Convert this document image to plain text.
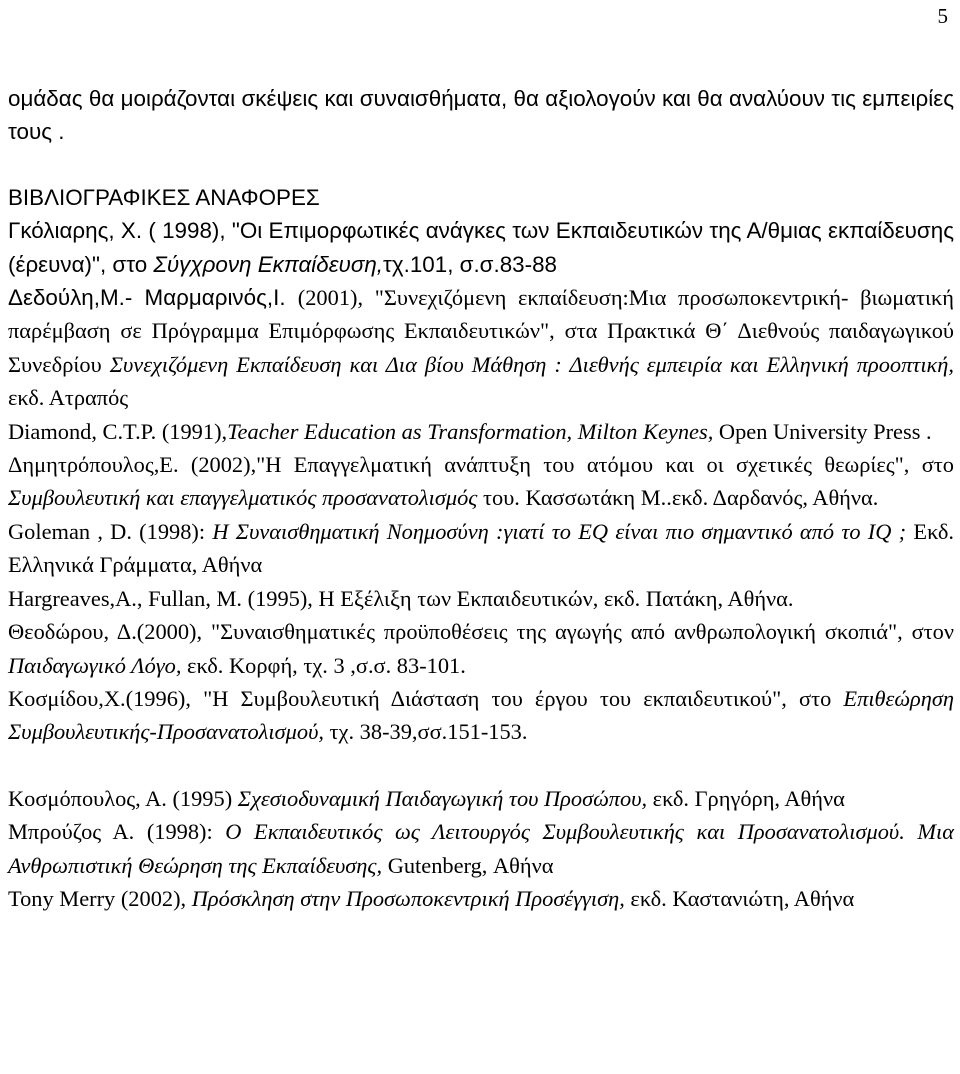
5

ομάδας θα μοιράζονται σκέψεις και συναισθήματα, θα αξιολογούν και θα αναλύουν τις εμπειρίες τους .

ΒΙΒΛΙΟΓΡΑΦΙΚΕΣ ΑΝΑΦΟΡΕΣ

Γκόλιαρης, Χ. ( 1998), "Οι Επιμορφωτικές ανάγκες των Εκπαιδευτικών της Α/θμιας εκπαίδευσης (έρευνα)", στο Σύγχρονη Εκπαίδευση,τχ.101, σ.σ.83-88

Δεδούλη,Μ.- Μαρμαρινός,Ι. (2001), "Συνεχιζόμενη εκπαίδευση:Μια προσωποκεντρική- βιωματική παρέμβαση σε Πρόγραμμα Επιμόρφωσης Εκπαιδευτικών", στα Πρακτικά Θ΄ Διεθνούς παιδαγωγικού Συνεδρίου Συνεχιζόμενη Εκπαίδευση και Δια βίου Μάθηση : Διεθνής εμπειρία και Ελληνική προοπτική, εκδ. Ατραπός

Diamond, C.T.P. (1991),Teacher Education as Transformation, Milton Keynes, Open University Press .

Δημητρόπουλος,Ε. (2002),"Η Επαγγελματική ανάπτυξη του ατόμου και οι σχετικές θεωρίες", στο Συμβουλευτική και επαγγελματικός προσανατολισμός του. Κασσωτάκη Μ..εκδ. Δαρδανός, Αθήνα.

Goleman , D. (1998): Η Συναισθηματική Νοημοσύνη :γιατί το EQ είναι πιο σημαντικό από το IQ ; Εκδ. Ελληνικά Γράμματα, Αθήνα

Hargreaves,A., Fullan, M. (1995), Η Εξέλιξη των Εκπαιδευτικών, εκδ. Πατάκη, Αθήνα.

Θεοδώρου, Δ.(2000), "Συναισθηματικές προϋποθέσεις της αγωγής από ανθρωπολογική σκοπιά", στον Παιδαγωγικό Λόγο, εκδ. Κορφή, τχ. 3 ,σ.σ. 83-101.

Κοσμίδου,Χ.(1996), "Η Συμβουλευτική Διάσταση του έργου του εκπαιδευτικού", στο Επιθεώρηση Συμβουλευτικής-Προσανατολισμού, τχ. 38-39,σσ.151-153.

Κοσμόπουλος, Α. (1995) Σχεσιοδυναμική Παιδαγωγική του Προσώπου, εκδ. Γρηγόρη, Αθήνα

Μπρούζος Α. (1998): Ο Εκπαιδευτικός ως Λειτουργός Συμβουλευτικής και Προσανατολισμού. Μια Ανθρωπιστική Θεώρηση της Εκπαίδευσης, Gutenberg, Αθήνα

Tony Merry (2002), Πρόσκληση στην Προσωποκεντρική Προσέγγιση, εκδ. Καστανιώτη, Αθήνα
